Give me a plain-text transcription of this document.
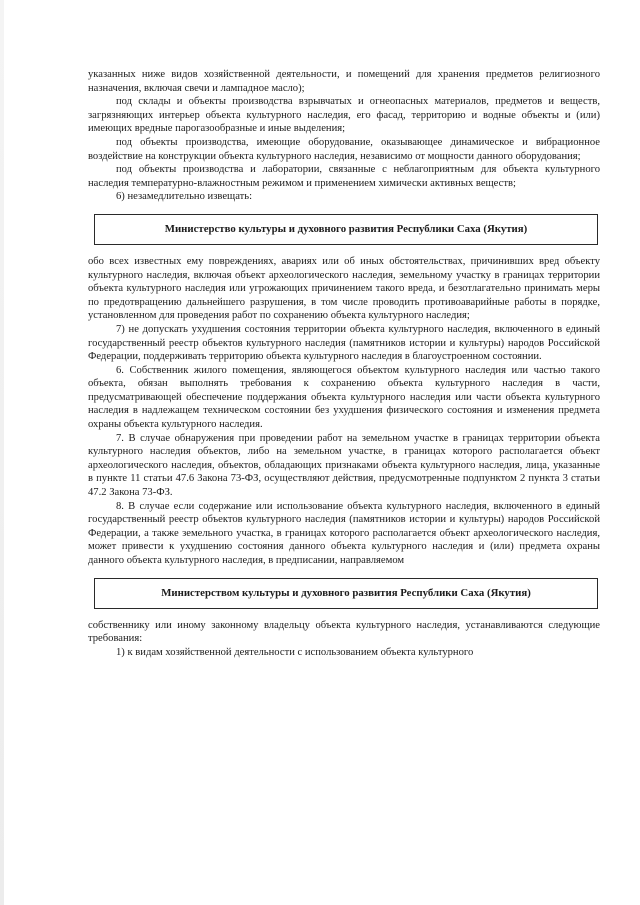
указанных ниже видов хозяйственной деятельности, и помещений для хранения предметов религиозного назначения, включая свечи и лампадное масло);

под склады и объекты производства взрывчатых и огнеопасных материалов, предметов и веществ, загрязняющих интерьер объекта культурного наследия, его фасад, территорию и водные объекты и (или) имеющих вредные парогазообразные и иные выделения;

под объекты производства, имеющие оборудование, оказывающее динамическое и вибрационное воздействие на конструкции объекта культурного наследия, независимо от мощности данного оборудования;

под объекты производства и лаборатории, связанные с неблагоприятным для объекта культурного наследия температурно-влажностным режимом и применением химически активных веществ;

6) незамедлительно извещать:

Министерство культуры и духовного развития Республики Саха (Якутия)

обо всех известных ему повреждениях, авариях или об иных обстоятельствах, причинивших вред объекту культурного наследия, включая объект археологического наследия, земельному участку в границах территории объекта культурного наследия или угрожающих причинением такого вреда, и безотлагательно принимать меры по предотвращению дальнейшего разрушения, в том числе проводить противоаварийные работы в порядке, установленном для проведения работ по сохранению объекта культурного наследия;

7) не допускать ухудшения состояния территории объекта культурного наследия, включенного в единый государственный реестр объектов культурного наследия (памятников истории и культуры) народов Российской Федерации, поддерживать территорию объекта культурного наследия в благоустроенном состоянии.

6. Собственник жилого помещения, являющегося объектом культурного наследия или частью такого объекта, обязан выполнять требования к сохранению объекта культурного наследия в части, предусматривающей обеспечение поддержания объекта культурного наследия или части объекта культурного наследия в надлежащем техническом состоянии без ухудшения физического состояния и изменения предмета охраны объекта культурного наследия.

7. В случае обнаружения при проведении работ на земельном участке в границах территории объекта культурного наследия объектов, либо на земельном участке, в границах которого располагается объект археологического наследия, объектов, обладающих признаками объекта культурного наследия, лица, указанные в пункте 11 статьи 47.6 Закона 73-ФЗ, осуществляют действия, предусмотренные подпунктом 2 пункта 3 статьи 47.2 Закона 73-ФЗ.

8. В случае если содержание или использование объекта культурного наследия, включенного в единый государственный реестр объектов культурного наследия (памятников истории и культуры) народов Российской Федерации, а также земельного участка, в границах которого располагается объект археологического наследия, может привести к ухудшению состояния данного объекта культурного наследия и (или) предмета охраны данного объекта культурного наследия, в предписании, направляемом

Министерством культуры и духовного развития Республики Саха (Якутия)

собственнику или иному законному владельцу объекта культурного наследия, устанавливаются следующие требования:

1) к видам хозяйственной деятельности с использованием объекта культурного
